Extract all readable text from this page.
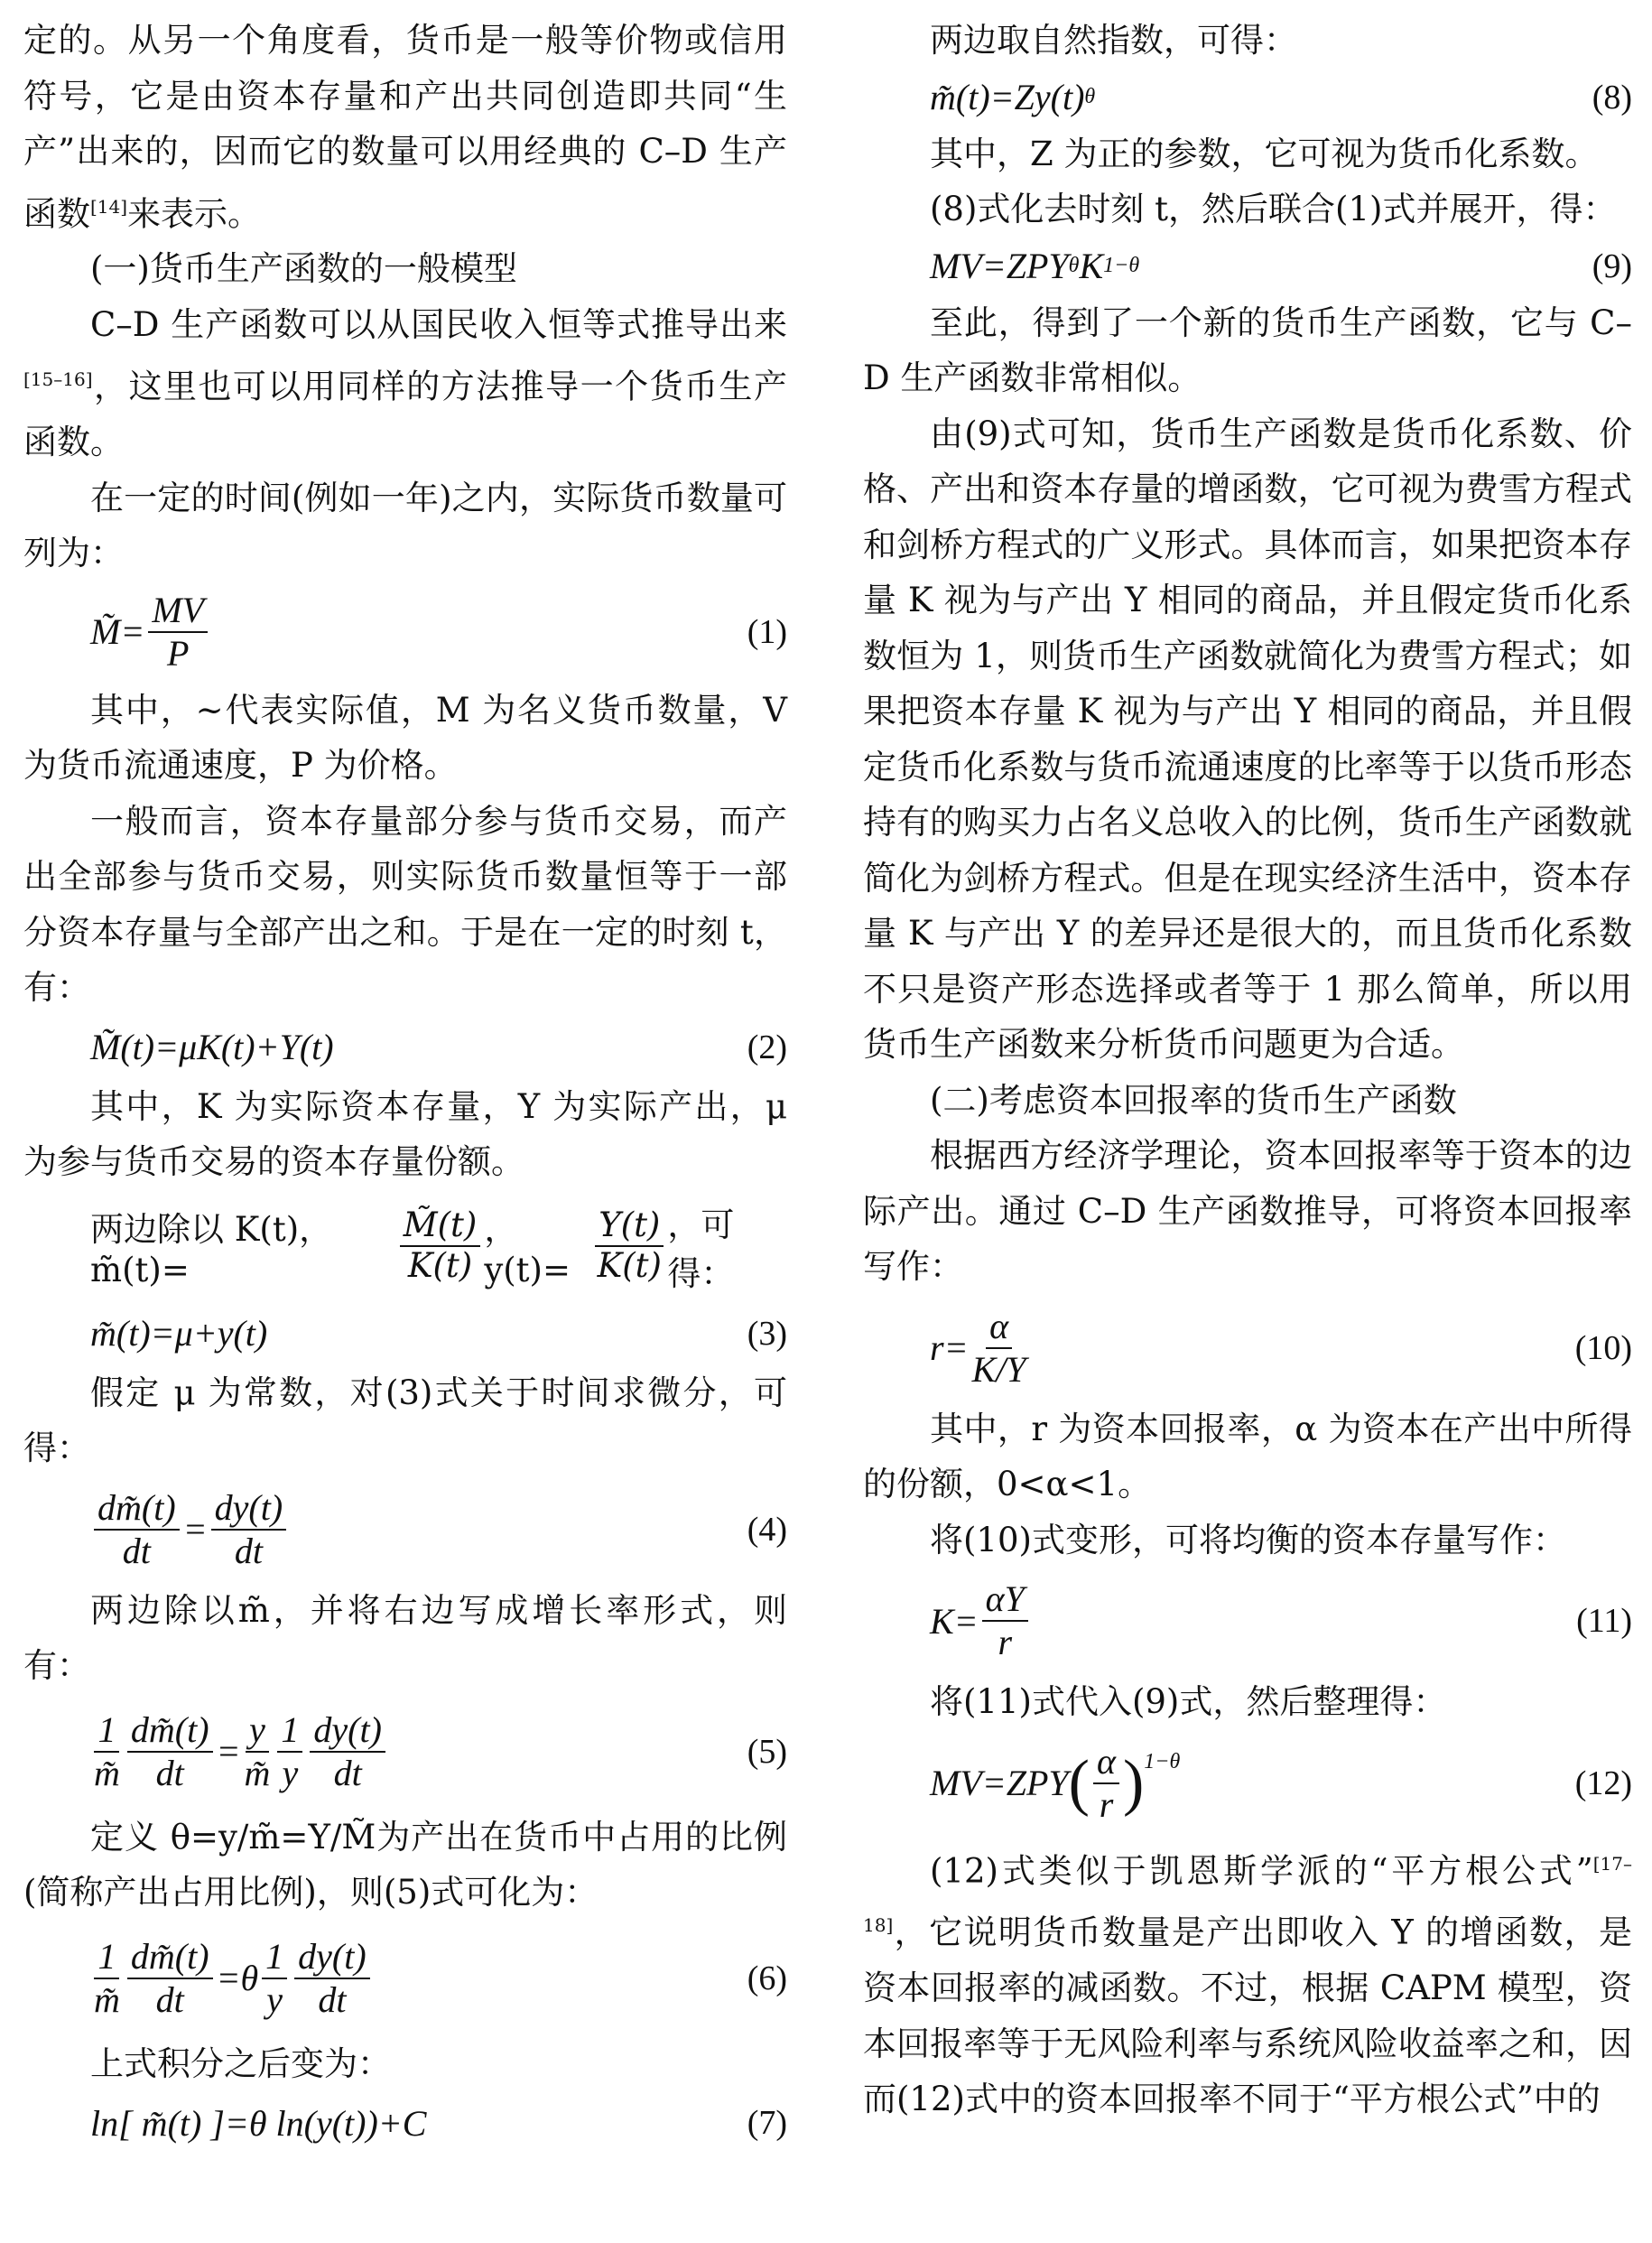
定的。从另一个角度看，货币是一般等价物或信用符号，它是由资本存量和产出共同创造即共同“生产”出来的，因而它的数量可以用经典的 C–D 生产函数[14]来表示。

(一)货币生产函数的一般模型

C–D 生产函数可以从国民收入恒等式推导出来[15–16]，这里也可以用同样的方法推导一个货币生产函数。

在一定的时间(例如一年)之内，实际货币数量可列为：

M̃= $\frac{MV}{P}$	(1)

其中，~代表实际值，M 为名义货币数量，V 为货币流通速度，P 为价格。

一般而言，资本存量部分参与货币交易，而产出全部参与货币交易，则实际货币数量恒等于一部分资本存量与全部产出之和。于是在一定的时刻 t，有：

M̃(t)=μK(t)+Y(t)	(2)

其中，K 为实际资本存量，Y 为实际产出，μ 为参与货币交易的资本存量份额。

两边除以 K(t)，m̃(t)=	$\frac{M̃(t)}{K(t)}$ ，$y(t)= \frac{Y(t)}{K(t)}$ ，可得：
m̃(t)=μ+y(t)	(3)

假定 μ 为常数，对(3)式关于时间求微分，可得：

$\frac{dm̃(t)}{dt} = \frac{dy(t)}{dt}$	(4)

两边除以m̃，并将右边写成增长率形式，则有：

$\frac{1}{m̃} \frac{dm̃(t)}{dt} = \frac{y}{m̃} \frac{1}{y} \frac{dy(t)}{dt}$	(5)

定义 θ=y/m̃=Y/M̃为产出在货币中占用的比例(简称产出占用比例)，则(5)式可化为：

$\frac{1}{m̃} \frac{dm̃(t)}{dt} =\theta \frac{1}{y} \frac{dy(t)}{dt}$	(6)

上式积分之后变为：

ln[ m̃(t) ]=θ ln(y(t))+C	(7)

两边取自然指数，可得：

m̃(t)=Zy(t) θ	(8)

其中，Z 为正的参数，它可视为货币化系数。

(8)式化去时刻 t，然后联合(1)式并展开，得：

MV=ZPY θ K 1−θ	(9)

至此，得到了一个新的货币生产函数，它与 C–D 生产函数非常相似。

由(9)式可知，货币生产函数是货币化系数、价格、产出和资本存量的增函数，它可视为费雪方程式和剑桥方程式的广义形式。具体而言，如果把资本存量 K 视为与产出 Y 相同的商品，并且假定货币化系数恒为 1，则货币生产函数就简化为费雪方程式；如果把资本存量 K 视为与产出 Y 相同的商品，并且假定货币化系数与货币流通速度的比率等于以货币形态持有的购买力占名义总收入的比例，货币生产函数就简化为剑桥方程式。但是在现实经济生活中，资本存量 K 与产出 Y 的差异还是很大的，而且货币化系数不只是资产形态选择或者等于 1 那么简单，所以用货币生产函数来分析货币问题更为合适。

(二)考虑资本回报率的货币生产函数

根据西方经济学理论，资本回报率等于资本的边际产出。通过 C–D 生产函数推导，可将资本回报率写作：

$r= \frac{\alpha}{K/Y}$	(10)

其中，r 为资本回报率，α 为资本在产出中所得的份额，0<α<1。

将(10)式变形，可将均衡的资本存量写作：

$K= \frac{\alpha Y}{r}$	(11)

将(11)式代入(9)式，然后整理得：

MV=ZPY ( $\frac{\alpha}{r}$ ) 1−θ
(12)

(12)式类似于凯恩斯学派的“平方根公式”[17–18]，它说明货币数量是产出即收入 Y 的增函数，是资本回报率的减函数。不过，根据 CAPM 模型，资本回报率等于无风险利率与系统风险收益率之和，因而(12)式中的资本回报率不同于“平方根公式”中的
